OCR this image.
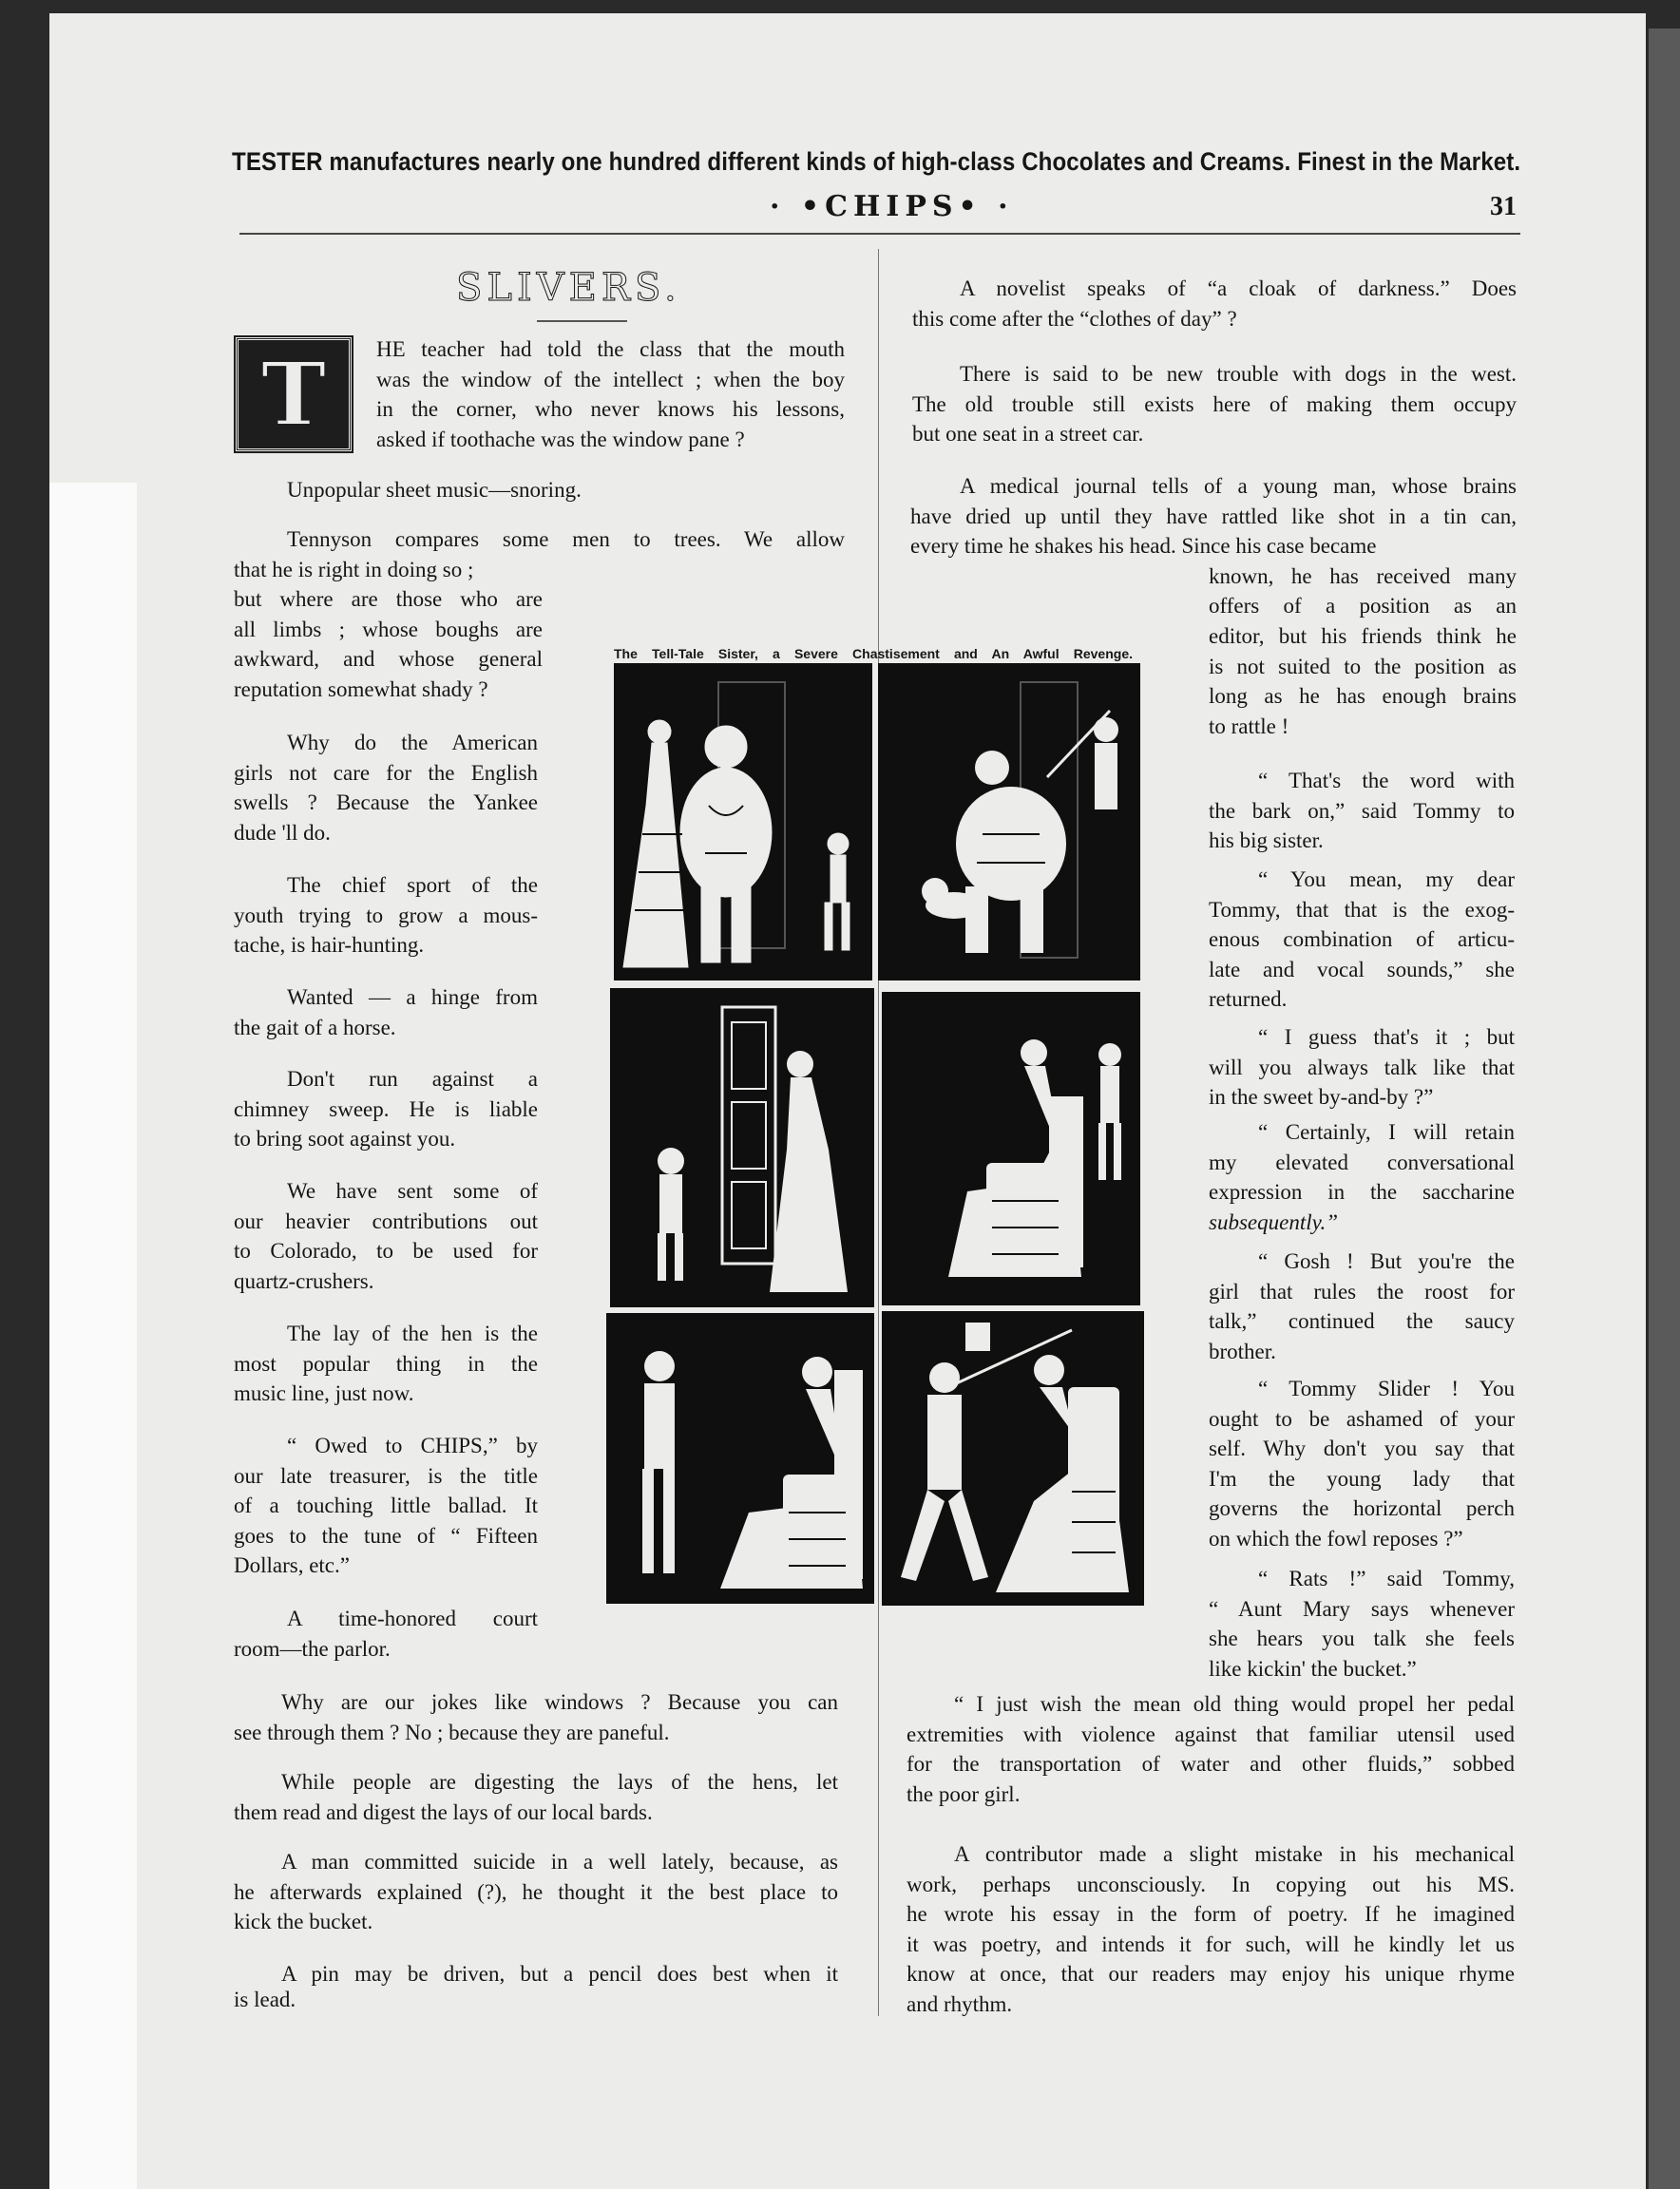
TESTER manufactures nearly one hundred different kinds of high-class Chocolates and Creams. Finest in the Market.
· •CHIPS• ·	31
SLIVERS.
T HE teacher had told the class that the mouth
was the window of the intellect ; when the boy
in the corner, who never knows his lessons,
asked if toothache was the window pane ?
Unpopular sheet music—snoring.
Tennyson compares some men to trees. We allow
that he is right in doing so ;
but where are those who are
all limbs ; whose boughs are
awkward, and whose general
reputation somewhat shady ?
Why do the American
girls not care for the English
swells ? Because the Yankee
dude 'll do.
The chief sport of the
youth trying to grow a mous-
tache, is hair-hunting.
Wanted — a hinge from
the gait of a horse.
Don't run against a
chimney sweep. He is liable
to bring soot against you.
We have sent some of
our heavier contributions out
to Colorado, to be used for
quartz-crushers.
The lay of the hen is the
most popular thing in the
music line, just now.
“ Owed to CHIPS,” by
our late treasurer, is the title
of a touching little ballad. It
goes to the tune of “ Fifteen
Dollars, etc.”
A time-honored court
room—the parlor.
Why are our jokes like windows ? Because you can
see through them ? No ; because they are paneful.
While people are digesting the lays of the hens, let
them read and digest the lays of our local bards.
A man committed suicide in a well lately, because, as
he afterwards explained (?), he thought it the best place to
kick the bucket.
A pin may be driven, but a pencil does best when it
is lead.
A novelist speaks of “a cloak of darkness.” Does
this come after the “clothes of day” ?
There is said to be new trouble with dogs in the west.
The old trouble still exists here of making them occupy
but one seat in a street car.
A medical journal tells of a young man, whose brains
have dried up until they have rattled like shot in a tin can,
every time he shakes his head. Since his case became
known, he has received many
offers of a position as an
editor, but his friends think he
is not suited to the position as
long as he has enough brains
to rattle !
“ That's the word with
the bark on,” said Tommy to
his big sister.
“ You mean, my dear
Tommy, that that is the exog-
enous combination of articu-
late and vocal sounds,” she
returned.
“ I guess that's it ; but
will you always talk like that
in the sweet by-and-by ?”
“ Certainly, I will retain
my elevated conversational
expression in the saccharine
subsequently.”
“ Gosh ! But you're the
girl that rules the roost for
talk,” continued the saucy
brother.
“ Tommy Slider ! You
ought to be ashamed of your
self. Why don't you say that
I'm the young lady that
governs the horizontal perch
on which the fowl reposes ?”
“ Rats !” said Tommy,
“ Aunt Mary says whenever
she hears you talk she feels
like kickin' the bucket.”
“ I just wish the mean old thing would propel her pedal
extremities with violence against that familiar utensil used
for the transportation of water and other fluids,” sobbed
the poor girl.
A contributor made a slight mistake in his mechanical
work, perhaps unconsciously. In copying out his MS.
he wrote his essay in the form of poetry. If he imagined
it was poetry, and intends it for such, will he kindly let us
know at once, that our readers may enjoy his unique rhyme
and rhythm.
The Tell-Tale Sister, a Severe Chastisement and An Awful Revenge.
